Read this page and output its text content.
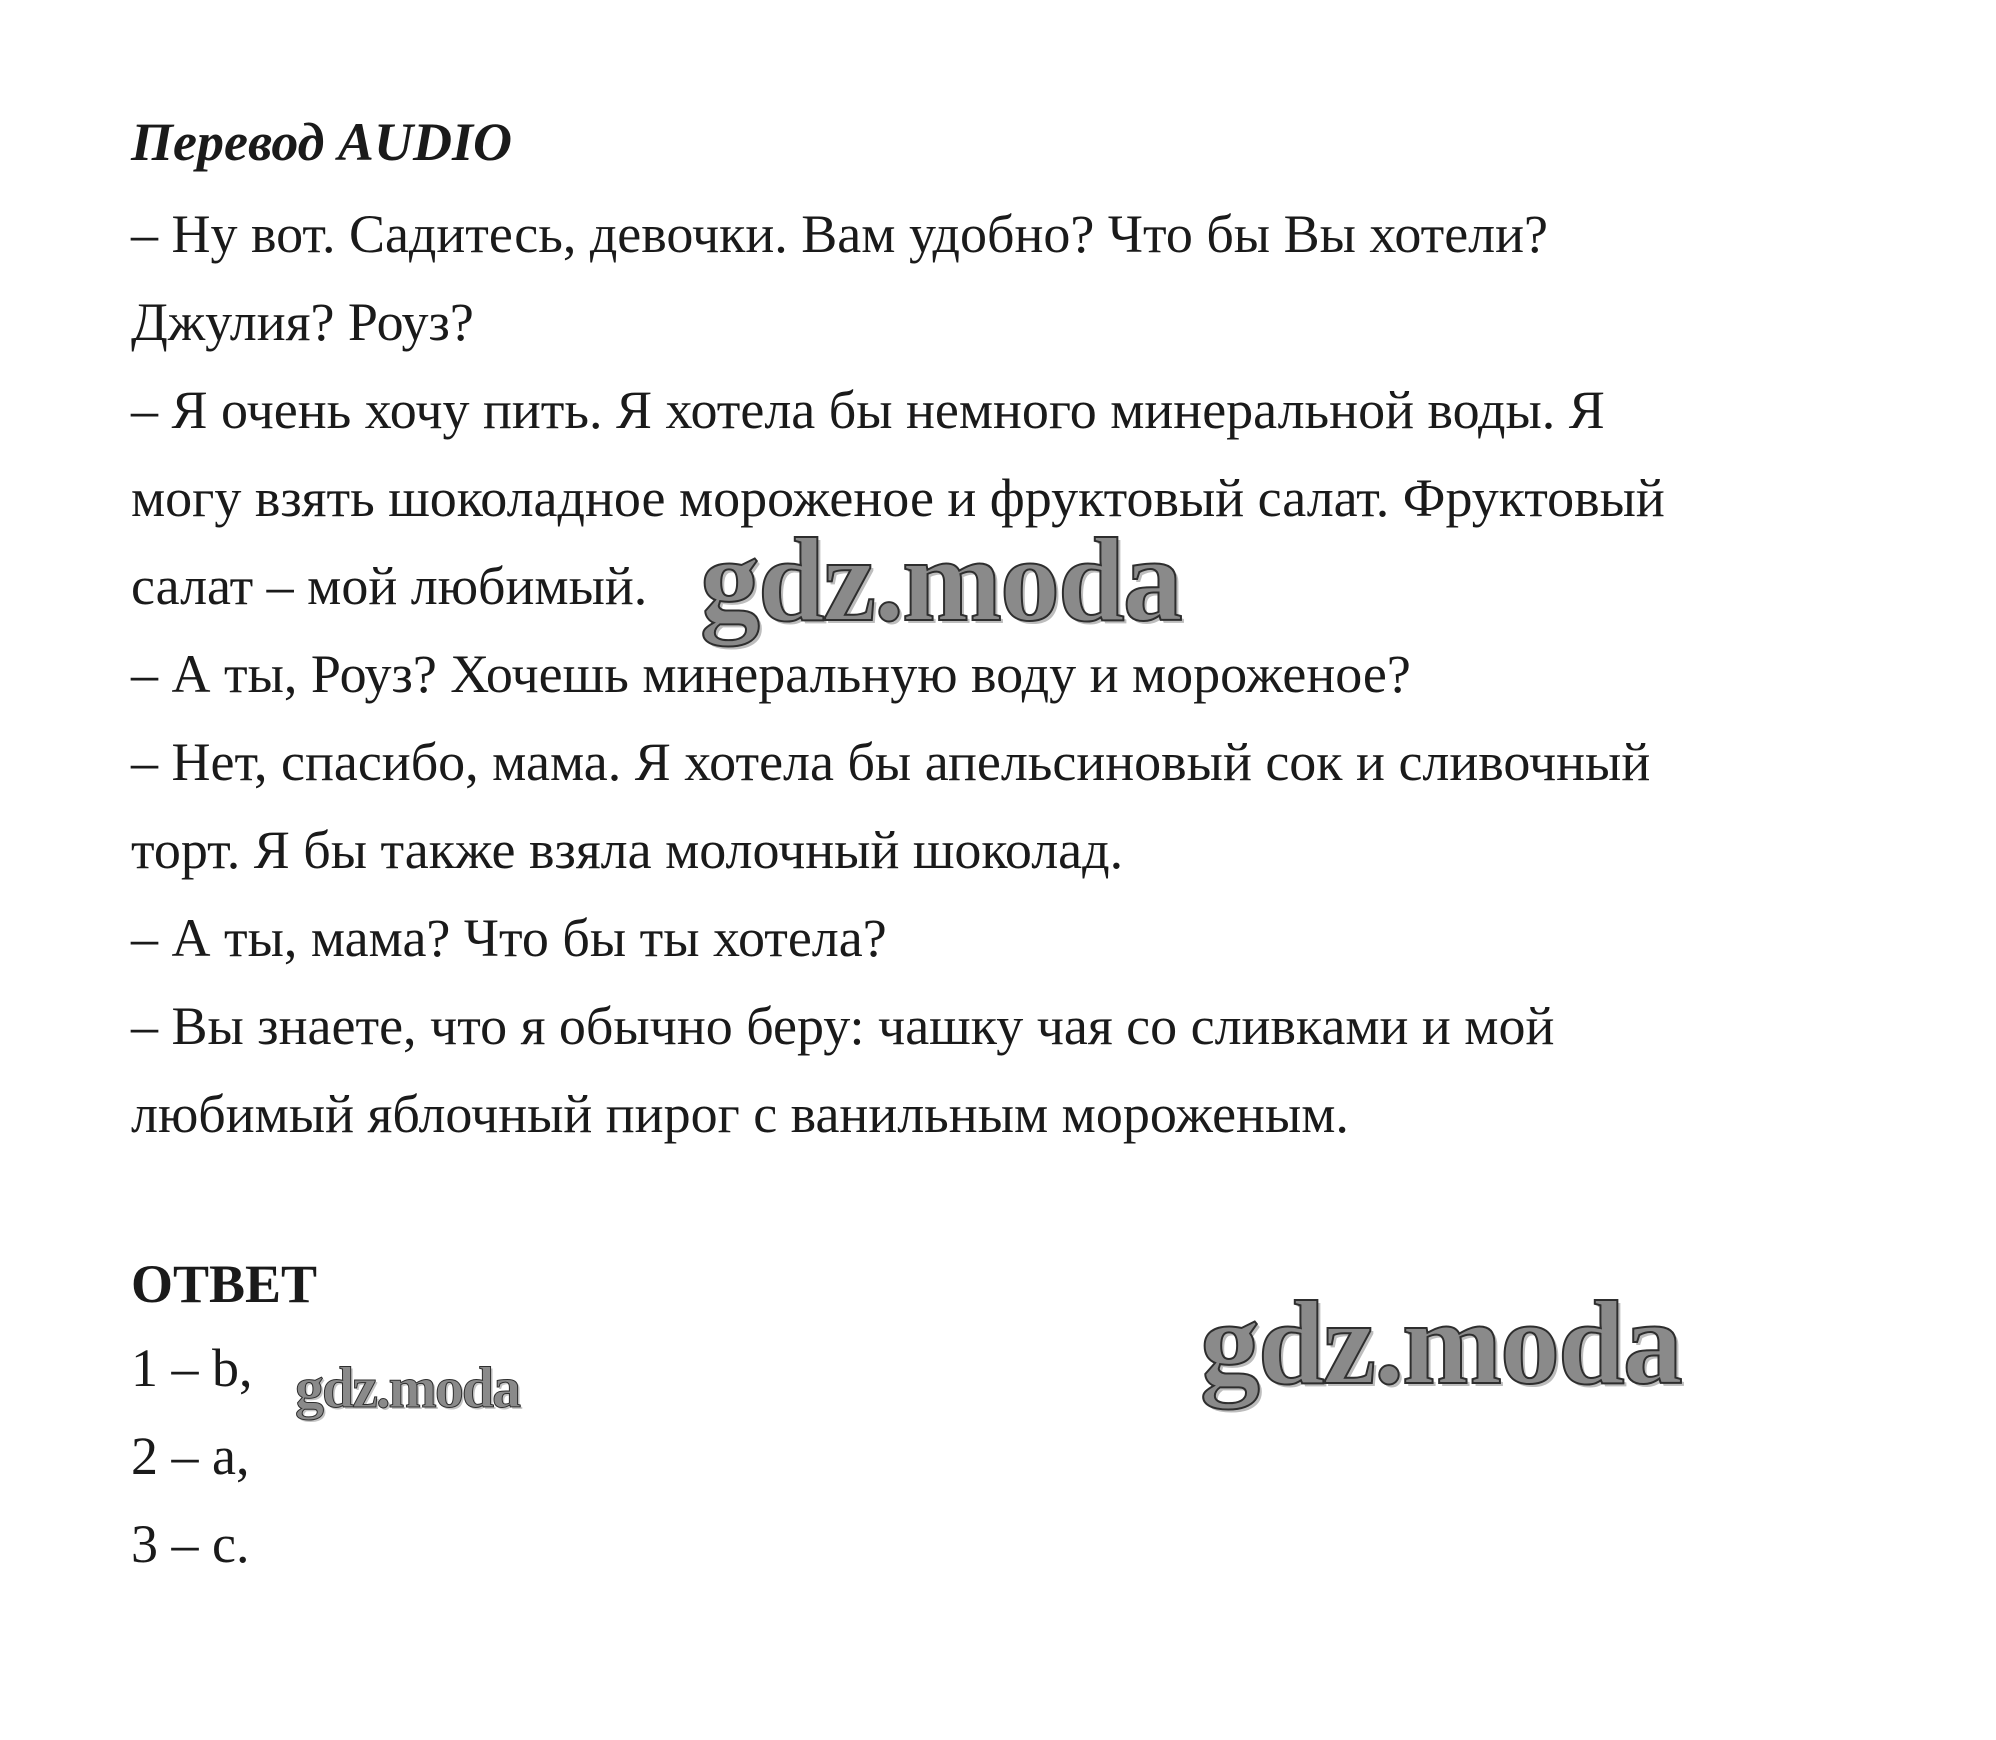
Перевод AUDIO
– Ну вот. Садитесь, девочки. Вам удобно? Что бы Вы хотели?
Джулия? Роуз?
– Я очень хочу пить. Я хотела бы немного минеральной воды. Я
могу взять шоколадное мороженое и фруктовый салат. Фруктовый
салат – мой любимый.
– А ты, Роуз? Хочешь минеральную воду и мороженое?
– Нет, спасибо, мама. Я хотела бы апельсиновый сок и сливочный
торт. Я бы также взяла молочный шоколад.
– А ты, мама? Что бы ты хотела?
– Вы знаете, что я обычно беру: чашку чая со сливками и мой
любимый яблочный пирог с ванильным мороженым.
ОТВЕТ
1 – b,
2 – a,
3 – c.
gdz.moda
gdz.moda
gdz.moda
